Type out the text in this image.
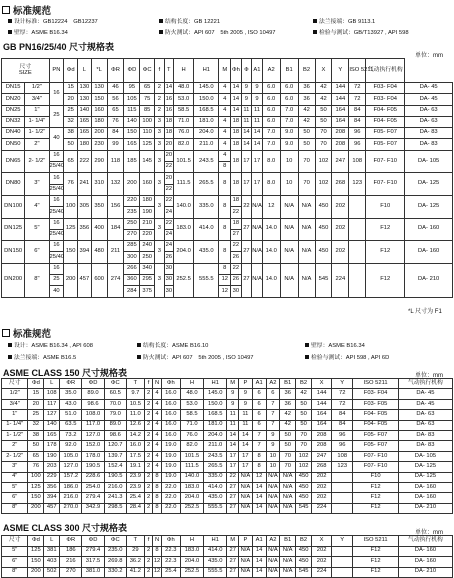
标准规范
设计标准：GB12224　GB12237	结构长度：GB 12221	法兰接端：GB 9113.1
壁厚：ASME B16.34	防火测试：API 607　5th 2005 , ISO 10497	检验与测试：GB/T13927 , API 598
GB PN16/25/40 尺寸规格表
单位：mm
尺寸
SIZE		PN	Φd	L	*L	ΦR	ΦD	ΦC	f	T	H	H1	M	Φh	Ф	A1	A2	B1	B2	X	Y	ISO 5211	气动执行机构	
DN15	1/2"	16	15	130	130	46	95	65	2	14	48.0	145.0	4	14	9	9	6.0	6.0	36	42	144	72	F03- F04	DA- 45
DN20	3/4"		20	130	150	56	105	75	2	16	53.0	150.0	4	14	9	9	6.0	6.0	36	42	144	72	F03- F04	DA- 45
DN25	1"	25	25	140	160	65	115	85	2	16	58.5	168.5	4	14	11	11	6.0	7.0	42	50	164	84	F04- F05	DA- 63
DN32	1- 1/4"		32	165	180	76	140	100	3	18	71.0	181.0	4	18	11	11	6.0	7.0	42	50	164	84	F04- F05	DA- 63
DN40	1- 1/2"	40	38	165	200	84	150	110	3	18	76.0	204.0	4	18	14	14	7.0	9.0	50	70	208	96	F05- F07	DA- 83
DN50	2"		50	180	230	99	165	125	3	20	82.0	211.0	4	18	14	14	7.0	9.0	50	70	208	96	F05- F07	DA- 83
DN65	2- 1/2"	16	65	222	290	118	185	145	3	20	101.5	243.5	4	18	17	17	8.0	10	70	102	247	108	F07- F10	DA- 105
		25/40								22			8											
DN80	3"	16	76	241	310	132	200	160	3	20	111.5	265.5	8	18	17	17	8.0	10	70	102	268	123	F07- F10	DA- 125
		25/40								22														
DN100	4"	16	100	305	350	156	220	180	3	22	140.0	335.0	8	18	22	N/A	12	N/A	N/A	450	202		F10	DA- 125
		25/40					235	190		24				22										
DN125	5"	16	125	356	400	184	250	210	3	22	183.0	414.0	8	18	27	N/A	14.0	N/A	N/A	450	202		F12	DA- 160
		25/40					270	220		24				27										
DN150	6"	16	150	394	480	211	285	240	3	24	204.0	435.0	8	22	27	N/A	14.0	N/A	N/A	450	202		F12	DA- 160
		25/40					300	250		26				26										
DN200	8"	16	200	457	600	274	266	340	3	30	252.5	555.5	8	22	27	N/A	14.0	N/A	N/A	545	224		F12	DA- 210
		25					360	295		30			12	26										
		40					284	375		30			12	30										
*L 尺寸为 F1
标准规范
设计：ASME B16.34 , API 608	结构长度：ASME B16.10	壁厚：ASME B16.34
法兰接端：ASME B16.5	防火测试：API 607　5th 2005 , ISO 10497	检验与测试：API 598 , API 6D
ASME CLASS 150 尺寸规格表	单位：mm
尺寸	Φd	L	ΦR	ΦD	ΦC	T	f	N	Φh	H	H1	M	P	A1	A2	B1	B2	X	Y	ISO 5211	气动执行机构
1/2"	15	108	35.0	89.0	60.5	9.7	2	4	16.0	48.0	145.0	9	9	6	6	36	42	144	72	F03- F04	DA- 45
3/4"	20	117	43.0	98.6	70.0	10.5	2	4	16.0	53.0	150.0	9	9	6	7	36	50	144	72	F03- F05	DA- 45
1"	25	127	51.0	108.0	79.0	11.0	2	4	16.0	58.5	168.5	11	11	6	7	42	50	164	84	F04- F05	DA- 63
1- 1/4"	32	140	63.5	117.0	89.0	12.6	2	4	16.0	71.0	181.0	11	11	6	7	42	50	164	84	F04- F05	DA- 63
1- 1/2"	38	165	73.2	127.0	98.6	14.2	2	4	16.0	76.0	204.0	14	14	7	9	50	70	208	96	F05- F07	DA- 83
2"	50	178	92.0	152.0	120.7	16.0	2	4	19.0	82.0	211.0	14	14	7	9	50	70	208	96	F05- F07	DA- 83
2- 1/2"	65	190	105.0	178.0	139.7	17.5	2	4	19.0	101.5	243.5	17	17	8	10	70	102	247	108	F07- F10	DA- 105
3"	76	203	127.0	190.5	152.4	19.1	2	4	19.0	111.5	265.5	17	17	8	10	70	102	268	123	F07- F10	DA- 125
4"	100	229	157.2	228.6	190.5	23.9	2	8	19.0	140.0	335.0	22	N/A	12	N/A	N/A	450	202		F10	DA- 125
5"	125	356	186.0	254.0	216.0	23.9	2	8	22.0	183.0	414.0	27	N/A	14	N/A	N/A	450	202		F12	DA- 160
6"	150	394	216.0	279.4	241.3	25.4	2	8	22.0	204.0	435.0	27	N/A	14	N/A	N/A	450	202		F12	DA- 160
8"	200	457	270.0	342.9	298.5	28.4	2	8	22.0	252.5	555.5	27	N/A	14	N/A	N/A	545	224		F12	DA- 210
ASME CLASS 300 尺寸规格表	单位：mm
尺寸	Φd	L	ΦR	ΦD	ΦC	T	f	N	Φh	H	H1	M	P	A1	A2	B1	B2	X	Y	ISO 5211	气动执行机构
5"	125	381	186	279.4	235.0	29	2	8	22.3	183.0	414.0	27	N/A	14	N/A	N/A	450	202		F12	DA- 160
6"	150	403	216	317.5	269.8	36.2	2	12	22.3	204.0	435.0	27	N/A	14	N/A	N/A	450	202		F12	DA- 160
8"	200	502	270	381.0	330.2	41.2	2	12	25.4	252.5	555.5	27	N/A	14	N/A	N/A	545	224		F12	DA- 210
